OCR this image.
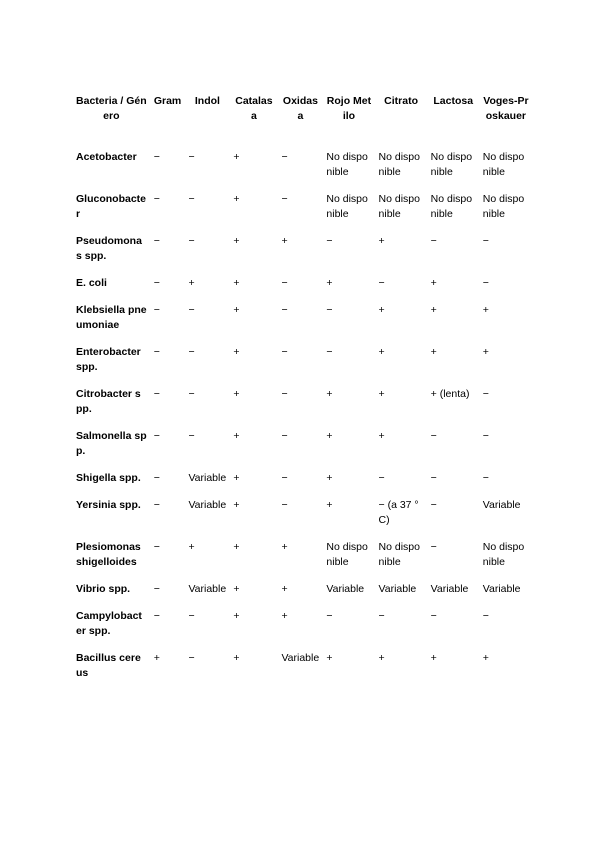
Bacteria / Género	Gram	Indol	Catalasa	Oxidasa	Rojo Metilo	Citrato	Lactosa	Voges-Proskauer
Acetobacter	−	−	+	−	No disponible	No disponible	No disponible	No disponible
Gluconobacter	−	−	+	−	No disponible	No disponible	No disponible	No disponible
Pseudomonas spp.	−	−	+	+	−	+	−	−
E. coli	−	+	+	−	+	−	+	−
Klebsiella pneumoniae	−	−	+	−	−	+	+	+
Enterobacter spp.	−	−	+	−	−	+	+	+
Citrobacter spp.	−	−	+	−	+	+	+ (lenta)	−
Salmonella spp.	−	−	+	−	+	+	−	−
Shigella spp.	−	Variable	+	−	+	−	−	−
Yersinia spp.	−	Variable	+	−	+	− (a 37 °C)	−	Variable
Plesiomonas shigelloides	−	+	+	+	No disponible	No disponible	−	No disponible
Vibrio spp.	−	Variable	+	+	Variable	Variable	Variable	Variable
Campylobacter spp.	−	−	+	+	−	−	−	−
Bacillus cereus	+	−	+	Variable	+	+	+	+
